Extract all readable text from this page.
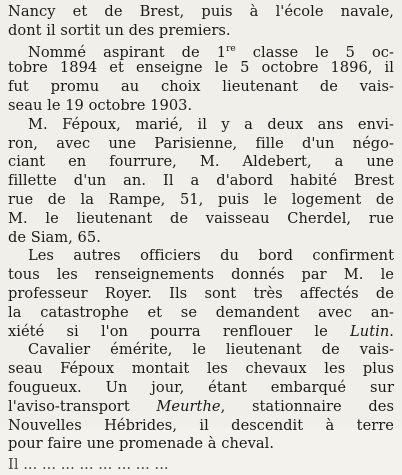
Nancy et de Brest, puis à l'école navale,
dont il sortit un des premiers.
Nommé aspirant de 1re classe le 5 oc-
tobre 1894 et enseigne le 5 octobre 1896, il
fut promu au choix lieutenant de vais-
seau le 19 octobre 1903.
M. Fépoux, marié, il y a deux ans envi-
ron, avec une Parisienne, fille d'un négo-
ciant en fourrure, M. Aldebert, a une
fillette d'un an. Il a d'abord habité Brest
rue de la Rampe, 51, puis le logement de
M. le lieutenant de vaisseau Cherdel, rue
de Siam, 65.
Les autres officiers du bord confirment
tous les renseignements donnés par M. le
professeur Royer. Ils sont très affectés de
la catastrophe et se demandent avec an-
xiété si l'on pourra renflouer le Lutin.
Cavalier émérite, le lieutenant de vais-
seau Fépoux montait les chevaux les plus
fougueux. Un jour, étant embarqué sur
l'aviso-transport Meurthe, stationnaire des
Nouvelles Hébrides, il descendit à terre
pour faire une promenade à cheval.
Il ... ... ... ... ... ... ... ...
